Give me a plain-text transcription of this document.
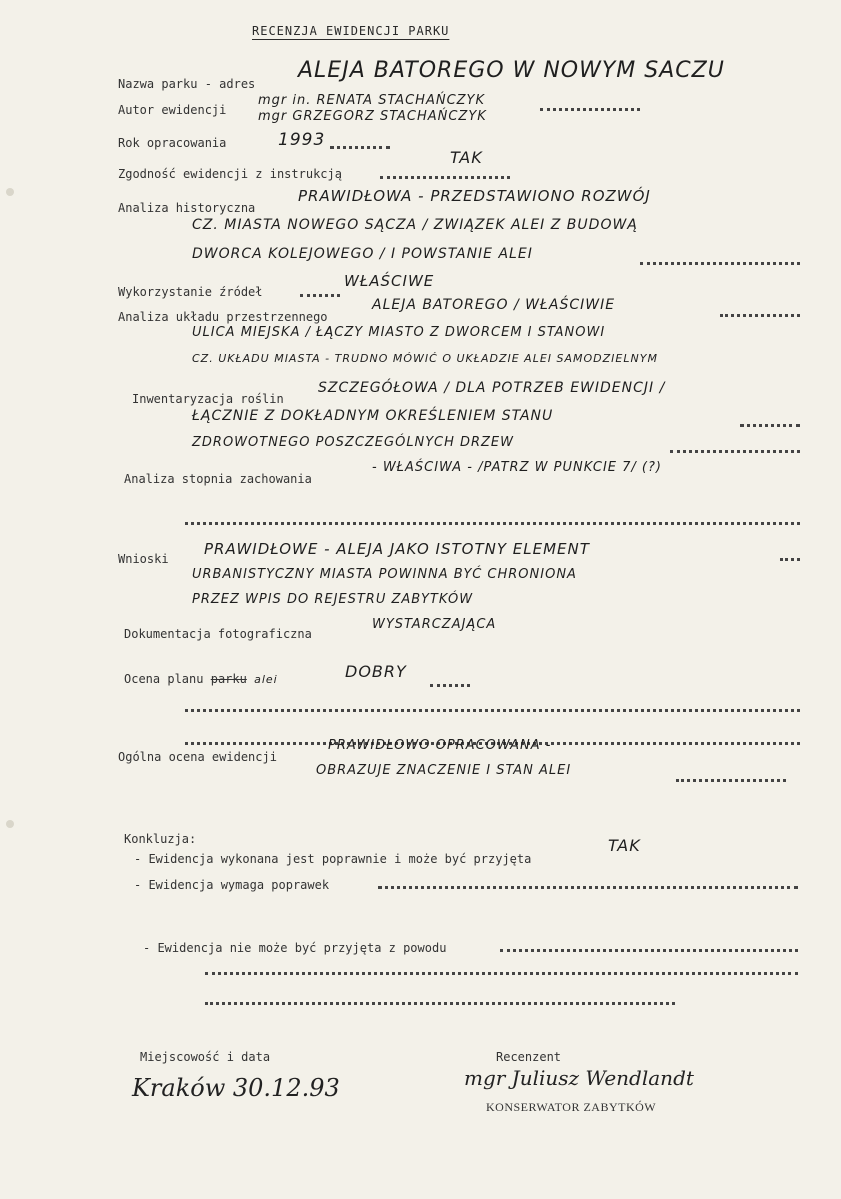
RECENZJA EWIDENCJI PARKU
Nazwa parku - adres
ALEJA BATOREGO W NOWYM SACZU
Autor ewidencji
mgr in. RENATA STACHAŃCZYK
mgr GRZEGORZ STACHAŃCZYK
Rok opracowania	1993
Zgodność ewidencji z instrukcją
TAK
Analiza historyczna
PRAWIDŁOWA - PRZEDSTAWIONO ROZWÓJ
CZ. MIASTA NOWEGO SĄCZA / ZWIĄZEK ALEI Z BUDOWĄ
DWORCA KOLEJOWEGO / I POWSTANIE ALEI
Wykorzystanie źródeł
WŁAŚCIWE
Analiza układu przestrzennego
ALEJA BATOREGO / WŁAŚCIWIE
ULICA MIEJSKA / ŁĄCZY MIASTO Z DWORCEM I STANOWI
CZ. UKŁADU MIASTA - TRUDNO MÓWIĆ O UKŁADZIE ALEI SAMODZIELNYM
Inwentaryzacja roślin
SZCZEGÓŁOWA / DLA POTRZEB EWIDENCJI /
ŁĄCZNIE Z DOKŁADNYM OKREŚLENIEM STANU
ZDROWOTNEGO POSZCZEGÓLNYCH DRZEW
Analiza stopnia zachowania
- WŁAŚCIWA - /PATRZ W PUNKCIE 7/ (?)
Wnioski
PRAWIDŁOWE - ALEJA JAKO ISTOTNY ELEMENT
URBANISTYCZNY MIASTA POWINNA BYĆ CHRONIONA
PRZEZ WPIS DO REJESTRU ZABYTKÓW
Dokumentacja fotograficzna
WYSTARCZAJĄCA
Ocena planu parku alei	DOBRY
Ogólna ocena ewidencji
PRAWIDŁOWO OPRACOWANA -
OBRAZUJE ZNACZENIE I STAN ALEI
Konkluzja:
- Ewidencja wykonana jest poprawnie i może być przyjęta
TAK
- Ewidencja wymaga poprawek
- Ewidencja nie może być przyjęta z powodu
Miejscowość i data
Kraków 30.12.93
Recenzent
mgr Juliusz Wendlandt
KONSERWATOR ZABYTKÓW
